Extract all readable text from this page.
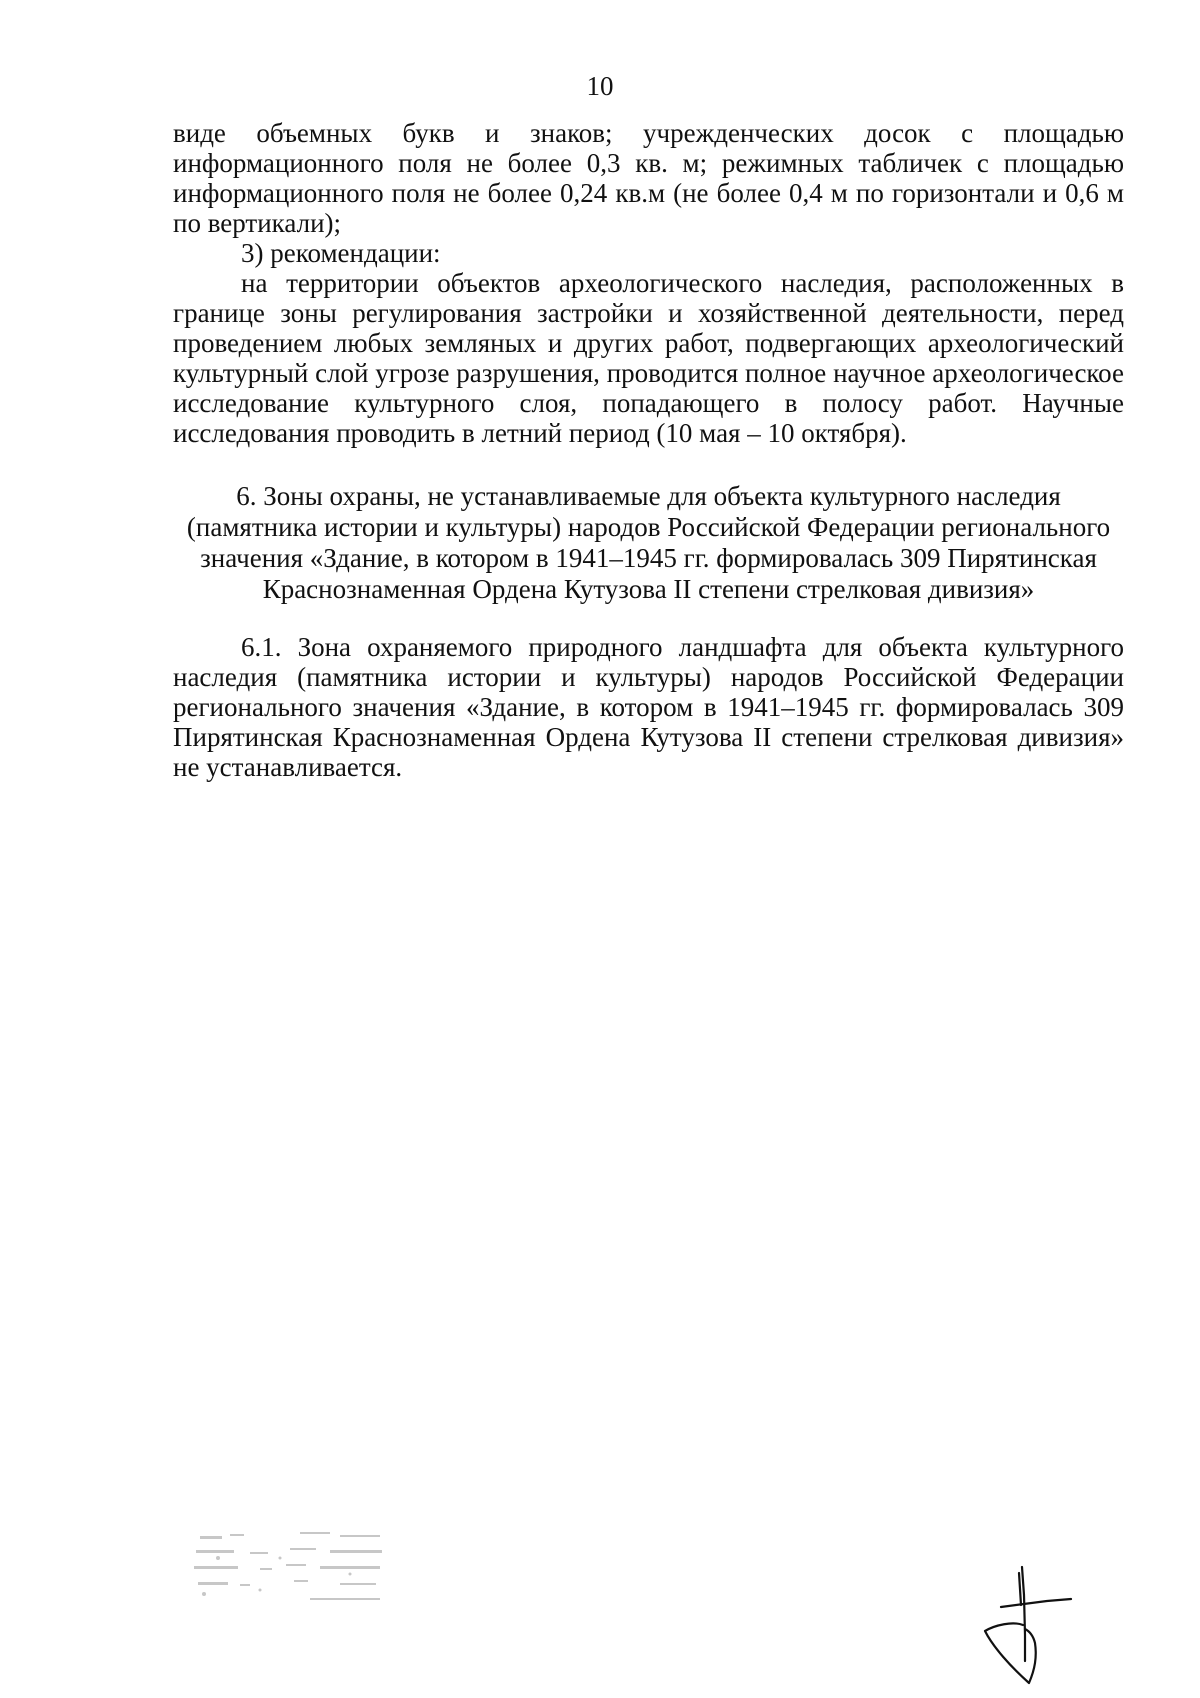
10

виде объемных букв и знаков; учрежденческих досок с площадью информационного поля не более 0,3 кв. м; режимных табличек с площадью информационного поля не более 0,24 кв.м (не более 0,4 м по горизонтали и 0,6 м по вертикали);

3) рекомендации:

на территории объектов археологического наследия, расположенных в границе зоны регулирования застройки и хозяйственной деятельности, перед проведением любых земляных и других работ, подвергающих археологический культурный слой угрозе разрушения, проводится полное научное археологическое исследование культурного слоя, попадающего в полосу работ. Научные исследования проводить в летний период (10 мая – 10 октября).

6. Зоны охраны, не устанавливаемые для объекта культурного наследия
(памятника истории и культуры) народов Российской Федерации регионального
значения «Здание, в котором в 1941–1945 гг. формировалась 309 Пирятинская
Краснознаменная Ордена Кутузова II степени стрелковая дивизия»

6.1. Зона охраняемого природного ландшафта для объекта культурного наследия (памятника истории и культуры) народов Российской Федерации регионального значения «Здание, в котором в 1941–1945 гг. формировалась 309 Пирятинская Краснознаменная Ордена Кутузова II степени стрелковая дивизия» не устанавливается.
